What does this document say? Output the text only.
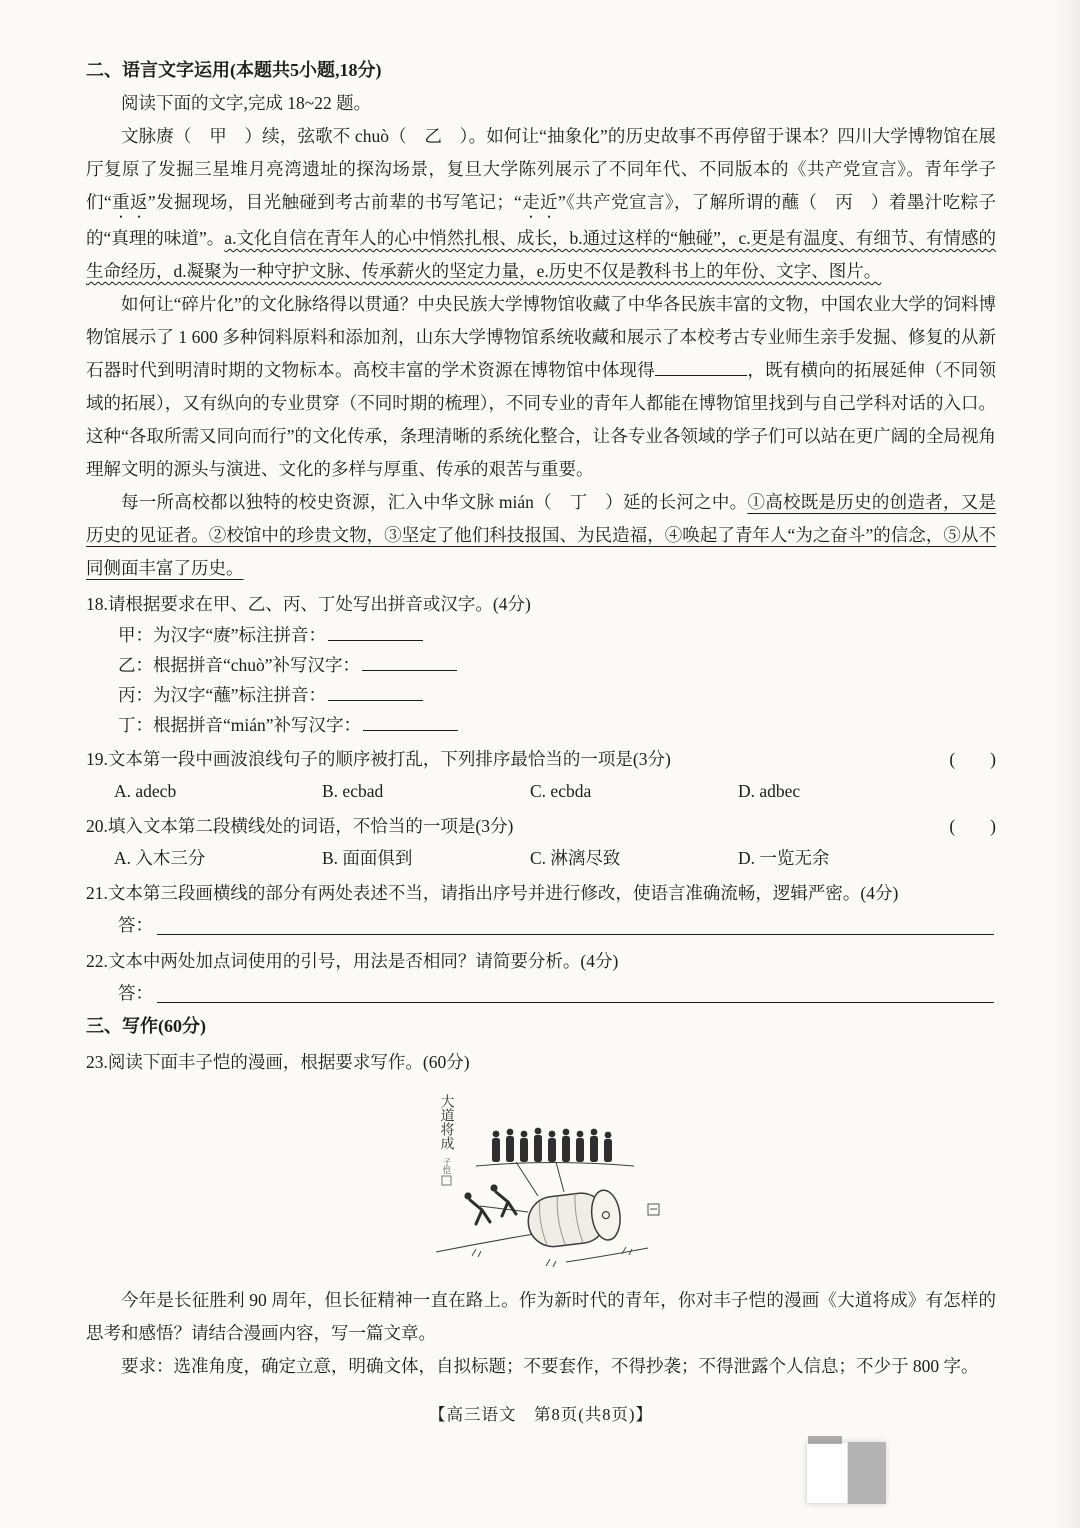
二、语言文字运用(本题共5小题,18分)
阅读下面的文字,完成 18~22 题。

文脉赓（　甲　）续，弦歌不 chuò（　乙　）。如何让“抽象化”的历史故事不再停留于课本？四川大学博物馆在展厅复原了发掘三星堆月亮湾遗址的探沟场景，复旦大学陈列展示了不同年代、不同版本的《共产党宣言》。青年学子们“重返”发掘现场，目光触碰到考古前辈的书写笔记；“走近”《共产党宣言》，了解所谓的蘸（　丙　）着墨汁吃粽子的“真理的味道”。a.文化自信在青年人的心中悄然扎根、成长，b.通过这样的“触碰”，c.更是有温度、有细节、有情感的生命经历，d.凝聚为一种守护文脉、传承薪火的坚定力量，e.历史不仅是教科书上的年份、文字、图片。

如何让“碎片化”的文化脉络得以贯通？中央民族大学博物馆收藏了中华各民族丰富的文物，中国农业大学的饲料博物馆展示了 1 600 多种饲料原料和添加剂，山东大学博物馆系统收藏和展示了本校考古专业师生亲手发掘、修复的从新石器时代到明清时期的文物标本。高校丰富的学术资源在博物馆中体现得	，既有横向的拓展延伸（不同领域的拓展），又有纵向的专业贯穿（不同时期的梳理），不同专业的青年人都能在博物馆里找到与自己学科对话的入口。这种“各取所需又同向而行”的文化传承，条理清晰的系统化整合，让各专业各领域的学子们可以站在更广阔的全局视角理解文明的源头与演进、文化的多样与厚重、传承的艰苦与重要。

每一所高校都以独特的校史资源，汇入中华文脉 mián（　丁　）延的长河之中。①高校既是历史的创造者，又是历史的见证者。②校馆中的珍贵文物，③坚定了他们科技报国、为民造福，④唤起了青年人“为之奋斗”的信念，⑤从不同侧面丰富了历史。

18.请根据要求在甲、乙、丙、丁处写出拼音或汉字。(4分)
甲：为汉字“赓”标注拼音：
乙：根据拼音“chuò”补写汉字：
丙：为汉字“蘸”标注拼音：
丁：根据拼音“mián”补写汉字：
19.文本第一段中画波浪线句子的顺序被打乱，下列排序最恰当的一项是(3分)	(　　)
A. adecb	B. ecbad	C. ecbda	D. adbec
20.填入文本第二段横线处的词语，不恰当的一项是(3分)	(　　)
A. 入木三分	B. 面面俱到	C. 淋漓尽致	D. 一览无余
21.文本第三段画横线的部分有两处表述不当，请指出序号并进行修改，使语言准确流畅，逻辑严密。(4分)
答：
22.文本中两处加点词使用的引号，用法是否相同？请简要分析。(4分)
答：
三、写作(60分)
23.阅读下面丰子恺的漫画，根据要求写作。(60分)
大道将成
子恺

今年是长征胜利 90 周年，但长征精神一直在路上。作为新时代的青年，你对丰子恺的漫画《大道将成》有怎样的思考和感悟？请结合漫画内容，写一篇文章。

要求：选准角度，确定立意，明确文体，自拟标题；不要套作，不得抄袭；不得泄露个人信息；不少于 800 字。

【高三语文　第8页(共8页)】
